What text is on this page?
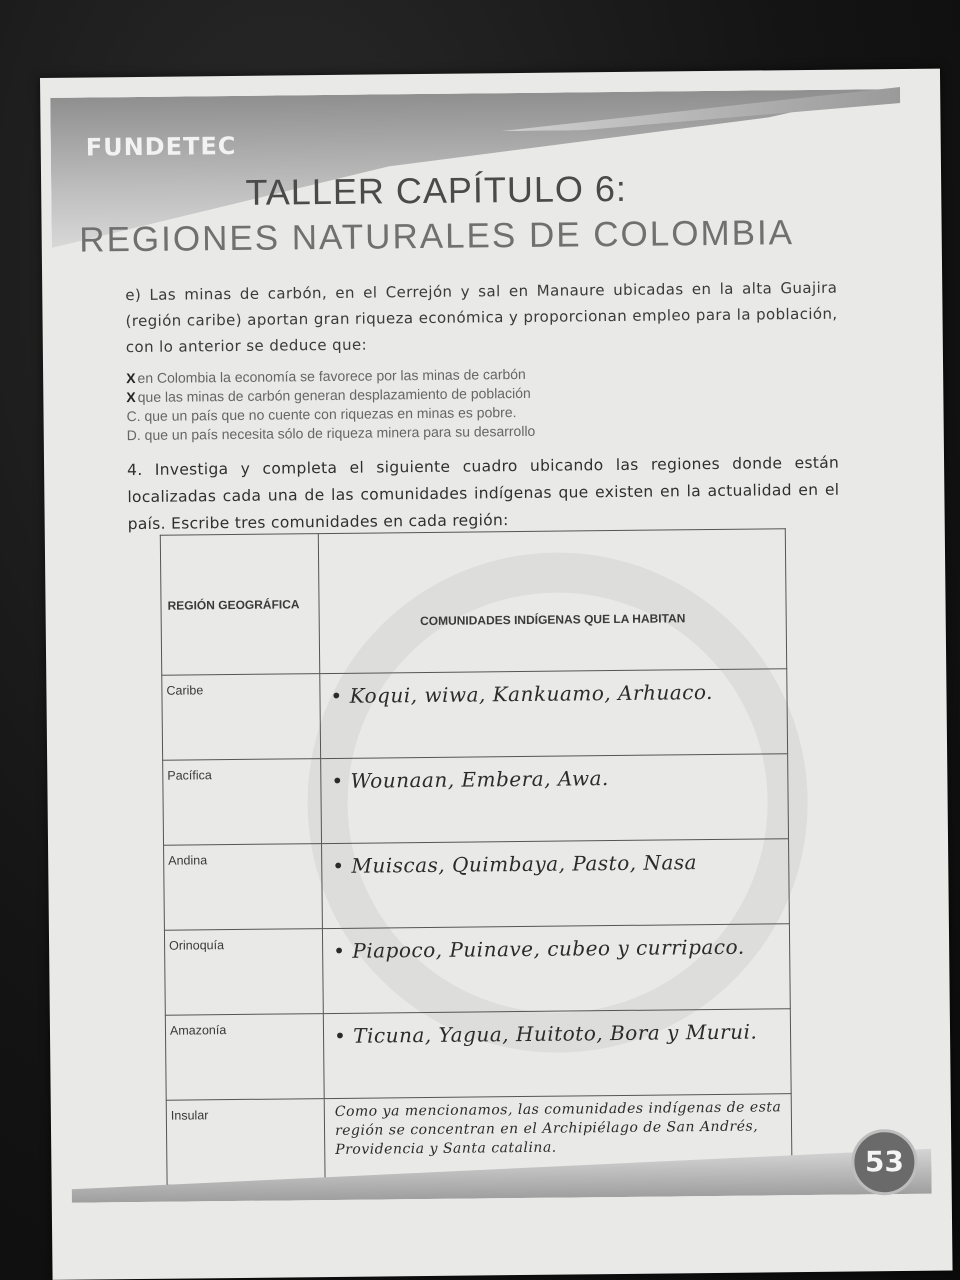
FUNDETEC
TALLER CAPÍTULO 6:
REGIONES NATURALES DE COLOMBIA
e) Las minas de carbón, en el Cerrejón y sal en Manaure ubicadas en la alta Guajira (región caribe) aportan gran riqueza económica y proporcionan empleo para la población, con lo anterior se deduce que:
X en Colombia la economía se favorece por las minas de carbón
X que las minas de carbón generan desplazamiento de población
C. que un país que no cuente con riquezas en minas es pobre.
D. que un país necesita sólo de riqueza minera para su desarrollo
4. Investiga y completa el siguiente cuadro ubicando las regiones donde están localizadas cada una de las comunidades indígenas que existen en la actualidad en el país. Escribe tres comunidades en cada región:
REGIÓN GEOGRÁFICA	COMUNIDADES INDÍGENAS QUE LA HABITAN
Caribe	• Koqui, wiwa, Kankuamo, Arhuaco.
Pacífica	• Wounaan, Embera, Awa.
Andina	• Muiscas, Quimbaya, Pasto, Nasa
Orinoquía	• Piapoco, Puinave, cubeo y curripaco.
Amazonía	• Ticuna, Yagua, Huitoto, Bora y Murui.
Insular	Como ya mencionamos, las comunidades indígenas de esta región se concentran en el Archipiélago de San Andrés, Providencia y Santa catalina.	53
